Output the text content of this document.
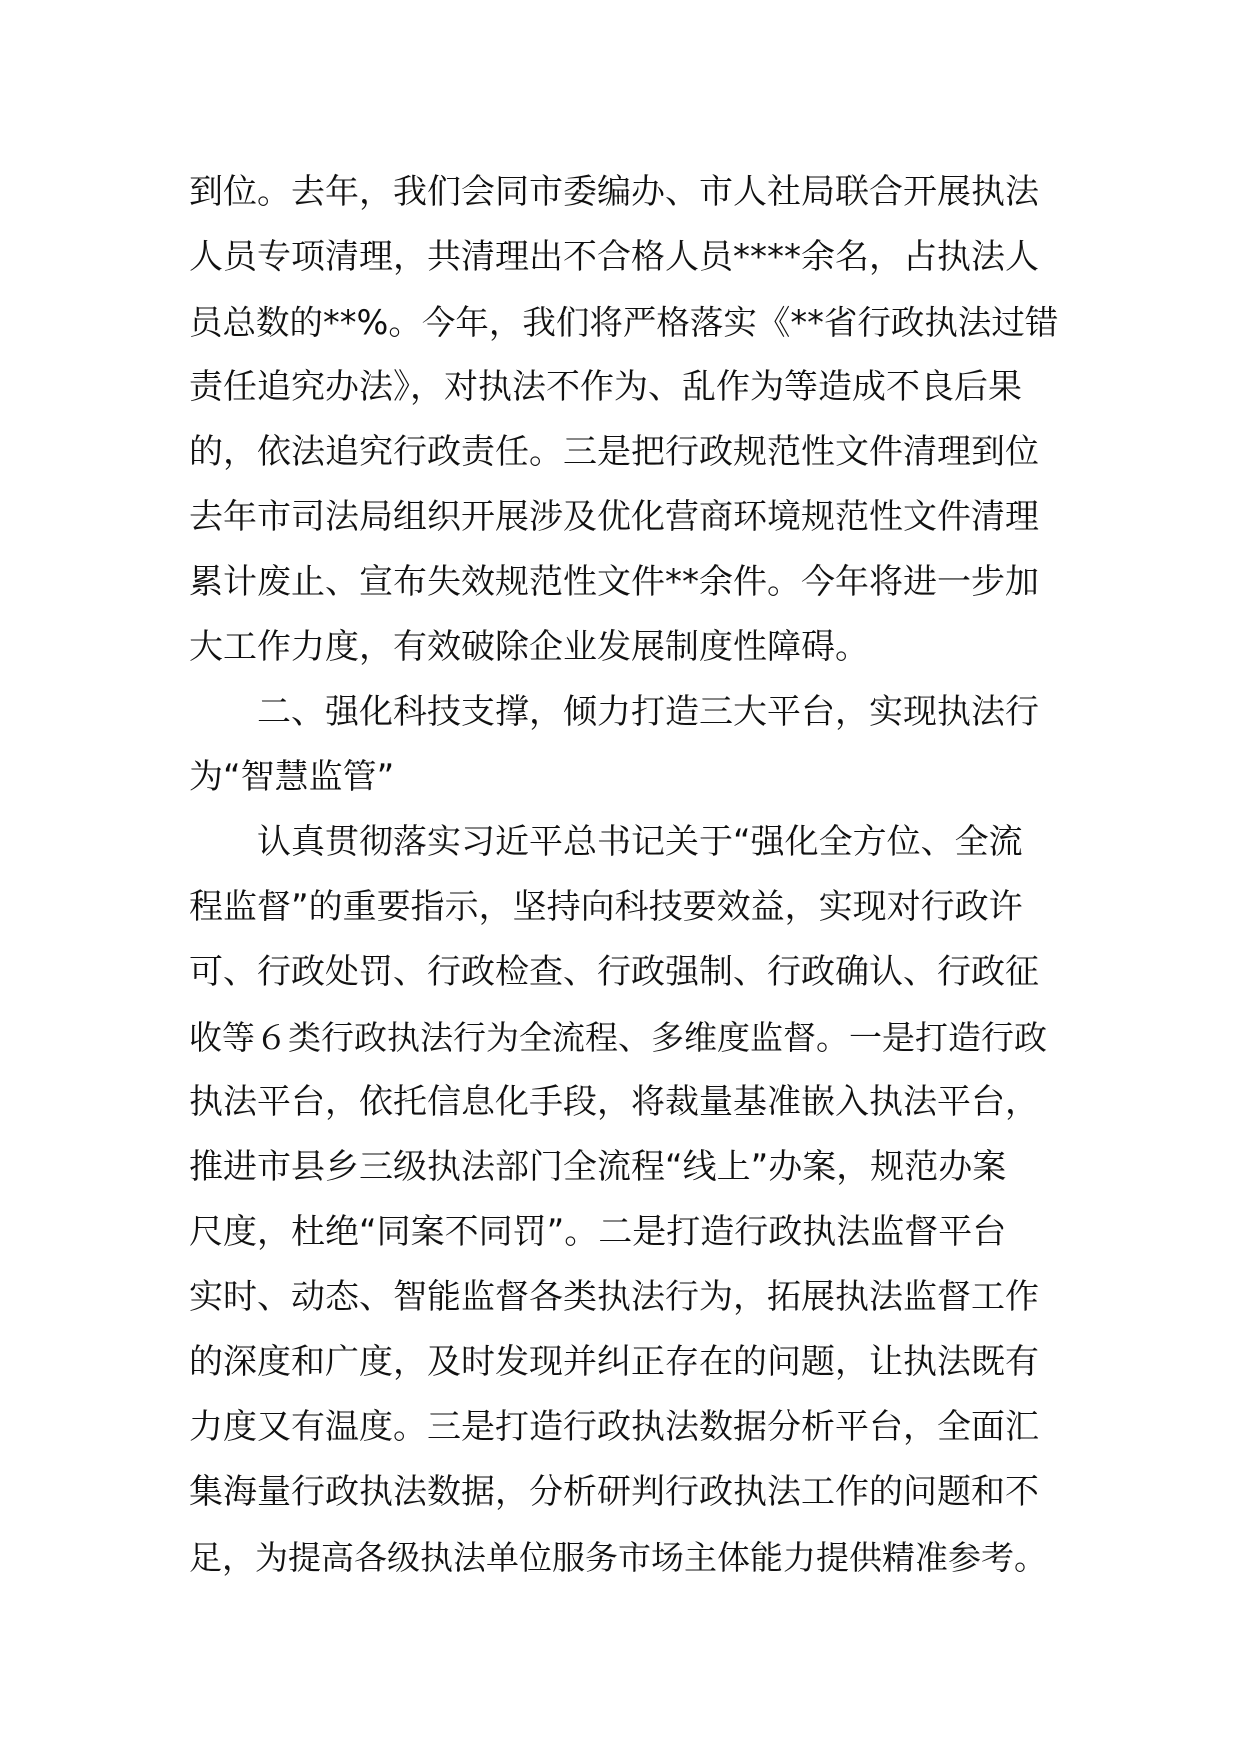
到位。去年，我们会同市委编办、市人社局联合开展执法
人员专项清理，共清理出不合格人员****余名，占执法人
员总数的**%。今年，我们将严格落实《**省行政执法过错
责任追究办法》，对执法不作为、乱作为等造成不良后果
的，依法追究行政责任。三是把行政规范性文件清理到位
去年市司法局组织开展涉及优化营商环境规范性文件清理
累计废止、宣布失效规范性文件**余件。今年将进一步加
大工作力度，有效破除企业发展制度性障碍。
　　二、强化科技支撑，倾力打造三大平台，实现执法行
为“智慧监管”
　　认真贯彻落实习近平总书记关于“强化全方位、全流
程监督”的重要指示，坚持向科技要效益，实现对行政许
可、行政处罚、行政检查、行政强制、行政确认、行政征
收等６类行政执法行为全流程、多维度监督。一是打造行政
执法平台，依托信息化手段，将裁量基准嵌入执法平台，
推进市县乡三级执法部门全流程“线上”办案，规范办案
尺度，杜绝“同案不同罚”。二是打造行政执法监督平台
实时、动态、智能监督各类执法行为，拓展执法监督工作
的深度和广度，及时发现并纠正存在的问题，让执法既有
力度又有温度。三是打造行政执法数据分析平台，全面汇
集海量行政执法数据，分析研判行政执法工作的问题和不
足，为提高各级执法单位服务市场主体能力提供精准参考。
